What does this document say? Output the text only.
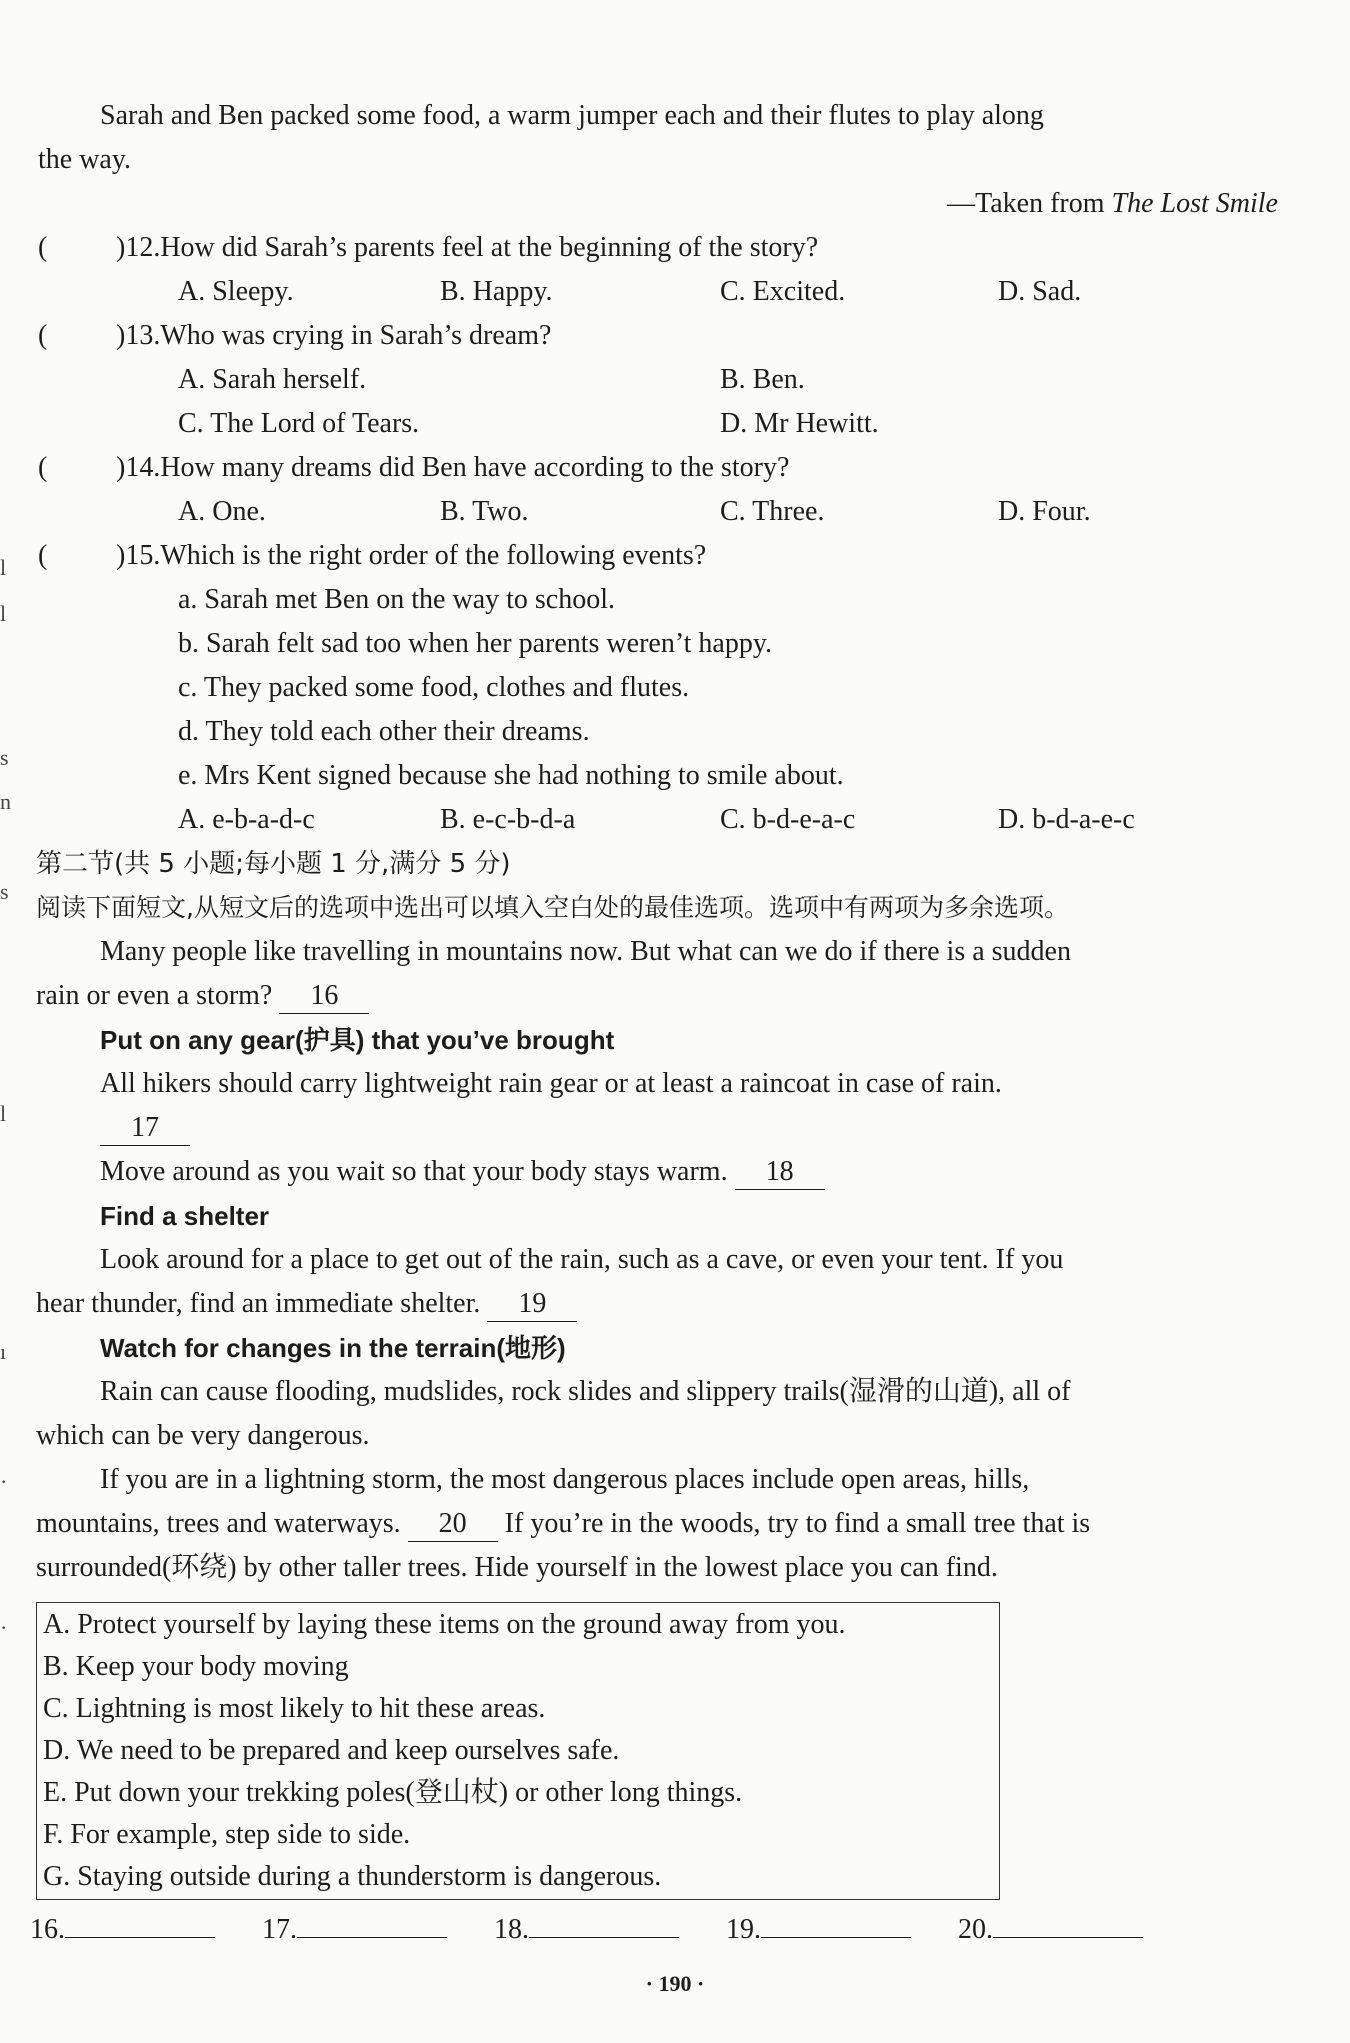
l
l
s
n
s
l
ı
·
·
Sarah and Ben packed some food, a warm jumper each and their flutes to play along
the way.
—Taken from The Lost Smile
( )12.How did Sarah’s parents feel at the beginning of the story?
A. Sleepy.	B. Happy.	C. Excited.	D. Sad.
( )13.Who was crying in Sarah’s dream?
A. Sarah herself.	B. Ben.
C. The Lord of Tears.	D. Mr Hewitt.
( )14.How many dreams did Ben have according to the story?
A. One.	B. Two.	C. Three.	D. Four.
( )15.Which is the right order of the following events?
a. Sarah met Ben on the way to school.
b. Sarah felt sad too when her parents weren’t happy.
c. They packed some food, clothes and flutes.
d. They told each other their dreams.
e. Mrs Kent signed because she had nothing to smile about.
A. e-b-a-d-c	B. e-c-b-d-a	C. b-d-e-a-c	D. b-d-a-e-c
第二节(共 5 小题;每小题 1 分,满分 5 分)
阅读下面短文,从短文后的选项中选出可以填入空白处的最佳选项。选项中有两项为多余选项。
Many people like travelling in mountains now. But what can we do if there is a sudden
rain or even a storm? 16
Put on any gear(护具) that you’ve brought
All hikers should carry lightweight rain gear or at least a raincoat in case of rain.
17
Move around as you wait so that your body stays warm. 18
Find a shelter
Look around for a place to get out of the rain, such as a cave, or even your tent. If you
hear thunder, find an immediate shelter. 19
Watch for changes in the terrain(地形)
Rain can cause flooding, mudslides, rock slides and slippery trails(湿滑的山道), all of
which can be very dangerous.
If you are in a lightning storm, the most dangerous places include open areas, hills,
mountains, trees and waterways. 20 If you’re in the woods, try to find a small tree that is
surrounded(环绕) by other taller trees. Hide yourself in the lowest place you can find.
A. Protect yourself by laying these items on the ground away from you.
B. Keep your body moving
C. Lightning is most likely to hit these areas.
D. We need to be prepared and keep ourselves safe.
E. Put down your trekking poles(登山杖) or other long things.
F. For example, step side to side.
G. Staying outside during a thunderstorm is dangerous.
16.	17.	18.	19.	20.
· 190 ·
